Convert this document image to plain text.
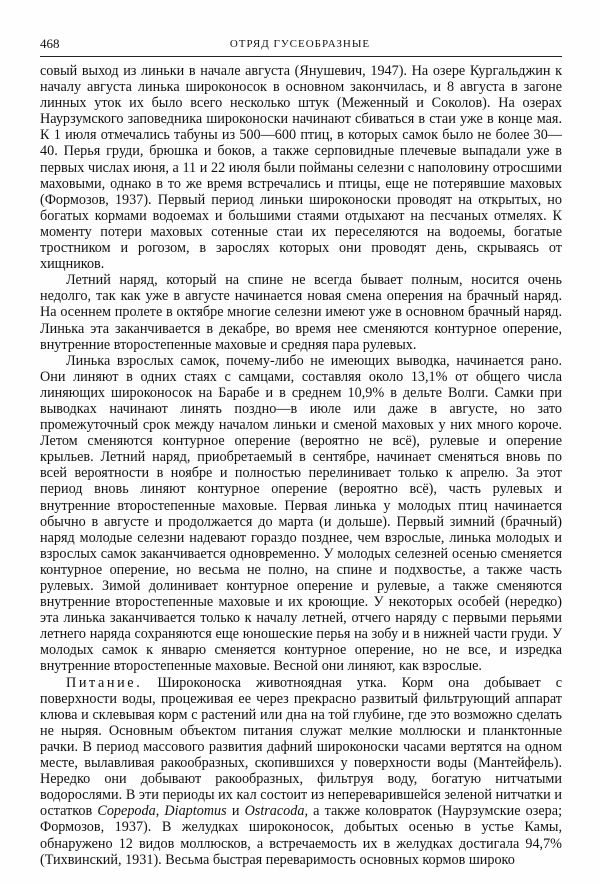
468	ОТРЯД ГУСЕОБРАЗНЫЕ

совый выход из линьки в начале августа (Янушевич, 1947). На озере Кургальджин к началу августа линька широконосок в основном закончилась, и 8 августа в загоне линных уток их было всего несколько штук (Меженный и Соколов). На озерах Наурзумского заповедника широконоски начинают сбиваться в стаи уже в конце мая. К 1 июля отмечались табуны из 500—600 птиц, в которых самок было не более 30—40. Перья груди, брюшка и боков, а также серповидные плечевые выпадали уже в первых числах июня, а 11 и 22 июля были пойманы селезни с наполовину отросшими маховыми, однако в то же время встречались и птицы, еще не потерявшие маховых (Формозов, 1937). Первый период линьки широконоски проводят на открытых, но богатых кормами водоемах и большими стаями отдыхают на песчаных отмелях. К моменту потери маховых сотенные стаи их переселяются на водоемы, богатые тростником и рогозом, в зарослях которых они проводят день, скрываясь от хищников.

Летний наряд, который на спине не всегда бывает полным, носится очень недолго, так как уже в августе начинается новая смена оперения на брачный наряд. На осеннем пролете в октябре многие селезни имеют уже в основном брачный наряд. Линька эта заканчивается в декабре, во время нее сменяются контурное оперение, внутренние второстепенные маховые и средняя пара рулевых.

Линька взрослых самок, почему-либо не имеющих выводка, начинается рано. Они линяют в одних стаях с самцами, составляя около 13,1% от общего числа линяющих широконосок на Барабе и в среднем 10,9% в дельте Волги. Самки при выводках начинают линять поздно—в июле или даже в августе, но зато промежуточный срок между началом линьки и сменой маховых у них много короче. Летом сменяются контурное оперение (вероятно не всё), рулевые и оперение крыльев. Летний наряд, приобретаемый в сентябре, начинает сменяться вновь по всей вероятности в ноябре и полностью перелинивает только к апрелю. За этот период вновь линяют контурное оперение (вероятно всё), часть рулевых и внутренние второстепенные маховые. Первая линька у молодых птиц начинается обычно в августе и продолжается до марта (и дольше). Первый зимний (брачный) наряд молодые селезни надевают гораздо позднее, чем взрослые, линька молодых и взрослых самок заканчивается одновременно. У молодых селезней осенью сменяется контурное оперение, но весьма не полно, на спине и подхвостье, а также часть рулевых. Зимой долинивает контурное оперение и рулевые, а также сменяются внутренние второстепенные маховые и их кроющие. У некоторых особей (нередко) эта линька заканчивается только к началу летней, отчего наряду с первыми перьями летнего наряда сохраняются еще юношеские перья на зобу и в нижней части груди. У молодых самок к январю сменяется контурное оперение, но не все, и изредка внутренние второстепенные маховые. Весной они линяют, как взрослые.

Питание. Широконоска животноядная утка. Корм она добывает с поверхности воды, процеживая ее через прекрасно развитый фильтрующий аппарат клюва и склевывая корм с растений или дна на той глубине, где это возможно сделать не ныряя. Основным объектом питания служат мелкие моллюски и планктонные рачки. В период массового развития дафний широконоски часами вертятся на одном месте, вылавливая ракообразных, скопившихся у поверхности воды (Мантейфель). Нередко они добывают ракообразных, фильтруя воду, богатую нитчатыми водорослями. В эти периоды их кал состоит из непереварившейся зеленой нитчатки и остатков Copepoda, Diaptomus и Ostracoda, а также коловраток (Наурзумские озера; Формозов, 1937). В желудках широконосок, добытых осенью в устье Камы, обнаружено 12 видов моллюсков, а встречаемость их в желудках достигала 94,7% (Тихвинский, 1931). Весьма быстрая переваримость основных кормов широко
